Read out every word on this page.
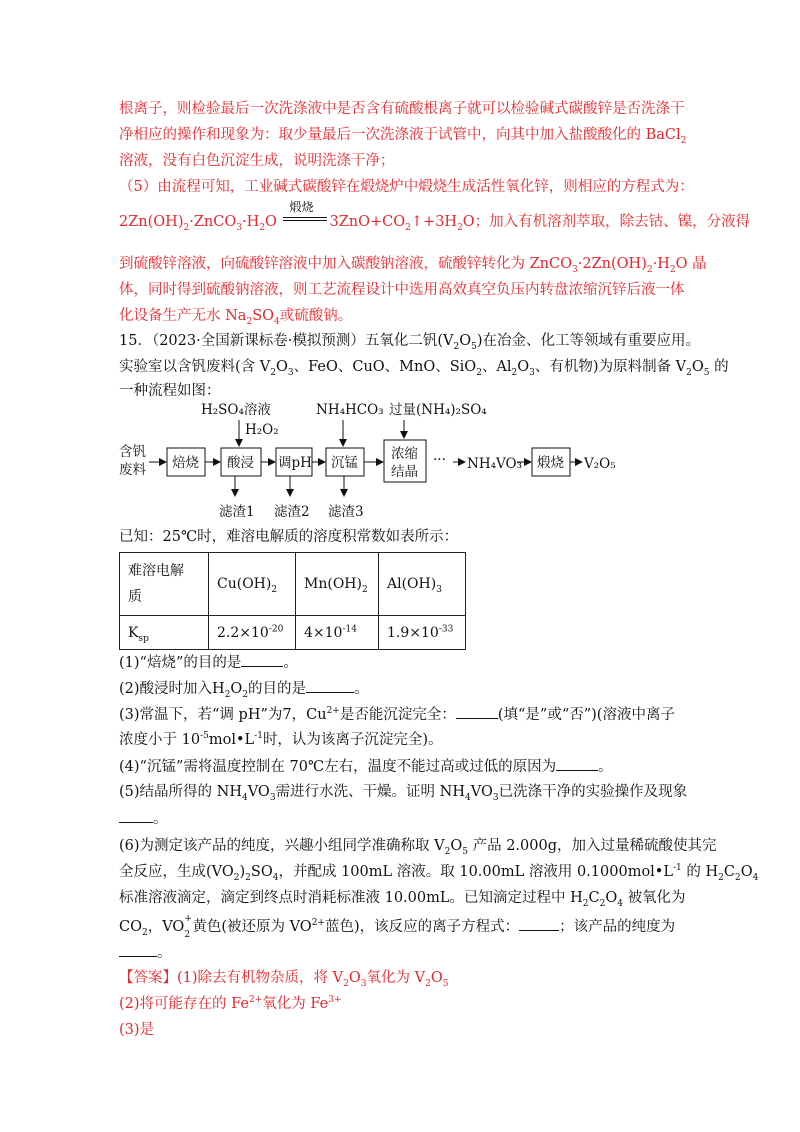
根离子，则检验最后一次洗涤液中是否含有硫酸根离子就可以检验碱式碳酸锌是否洗涤干
净相应的操作和现象为：取少量最后一次洗涤液于试管中，向其中加入盐酸酸化的 BaCl$_2$
溶液，没有白色沉淀生成，说明洗涤干净；
（5）由流程可知，工业碱式碳酸锌在煅烧炉中煅烧生成活性氧化锌，则相应的方程式为：
$2Zn(OH)_2\cdot ZnCO_3\cdot H_2O$
煅烧
$3ZnO+CO_2↑+3H_2O$；加入有机溶剂萃取，除去钴、镍，分液得
到硫酸锌溶液，向硫酸锌溶液中加入碳酸钠溶液，硫酸锌转化为 $ZnCO_3\cdot 2Zn(OH)_2\cdot H_2O$ 晶
体，同时得到硫酸钠溶液，则工艺流程设计中选用高效真空负压内转盘浓缩沉锌后液一体
化设备生产无水 $Na_2SO_4$或硫酸钠。
15．（2023·全国新课标卷·模拟预测）五氧化二钒$(V_2O_5)$在冶金、化工等领域有重要应用。
实验室以含钒废料(含 $V_2O_3$、FeO、CuO、MnO、SiO$_2$、$Al_2O_3$、有机物)为原料制备 $V_2O_5$ 的
一种流程如图：
H₂SO₄溶液
H₂O₂
NH₄HCO₃ 过量(NH₄)₂SO₄
含钒
废料 焙烧 酸浸 调pH 沉锰
浓缩
结晶
··· NH₄VO₃ 煅烧 V₂O₅
滤渣1 滤渣2 滤渣3
已知：25℃时，难溶电解质的溶度积常数如表所示：
难溶电解
质	$Cu(OH)_2$	$Mn(OH)_2$	$Al(OH)_3$
$K_{sp}$	$2.2\times 10^{-20}$	$4\times 10^{-14}$	$1.9\times 10^{-33}$
(1)“焙烧”的目的是	。
(2)酸浸时加入$H_2O_2$的目的是	。
(3)常温下，若“调 pH”为7，$Cu^{2+}$是否能沉淀完全：	(填“是”或“否”)(溶液中离子
浓度小于 $10^{-5}mol•L^{-1}$时，认为该离子沉淀完全)。
(4)“沉锰”需将温度控制在 70℃左右，温度不能过高或过低的原因为	。
(5)结晶所得的 $NH_4VO_3$需进行水洗、干燥。证明 $NH_4VO_3$已洗涤干净的实验操作及现象
。
(6)为测定该产品的纯度，兴趣小组同学准确称取 $V_2O_5$ 产品 2.000g，加入过量稀硫酸使其完
全反应，生成$(VO_2)_2SO_4$，并配成 100mL 溶液。取 10.00mL 溶液用 $0.1000mol•L^{-1}$ 的 $H_2C_2O_4$
标准溶液滴定，滴定到终点时消耗标准液 10.00mL。已知滴定过程中 $H_2C_2O_4$ 被氧化为
$CO_2$，VO +
2 黄色(被还原为 $VO^{2+}$蓝色)，该反应的离子方程式：	；该产品的纯度为
。
【答案】(1)除去有机物杂质，将 $V_2O_3$氧化为 $V_2O_5$
(2)将可能存在的 $Fe^{2+}$氧化为 $Fe^{3+}$
(3)是
